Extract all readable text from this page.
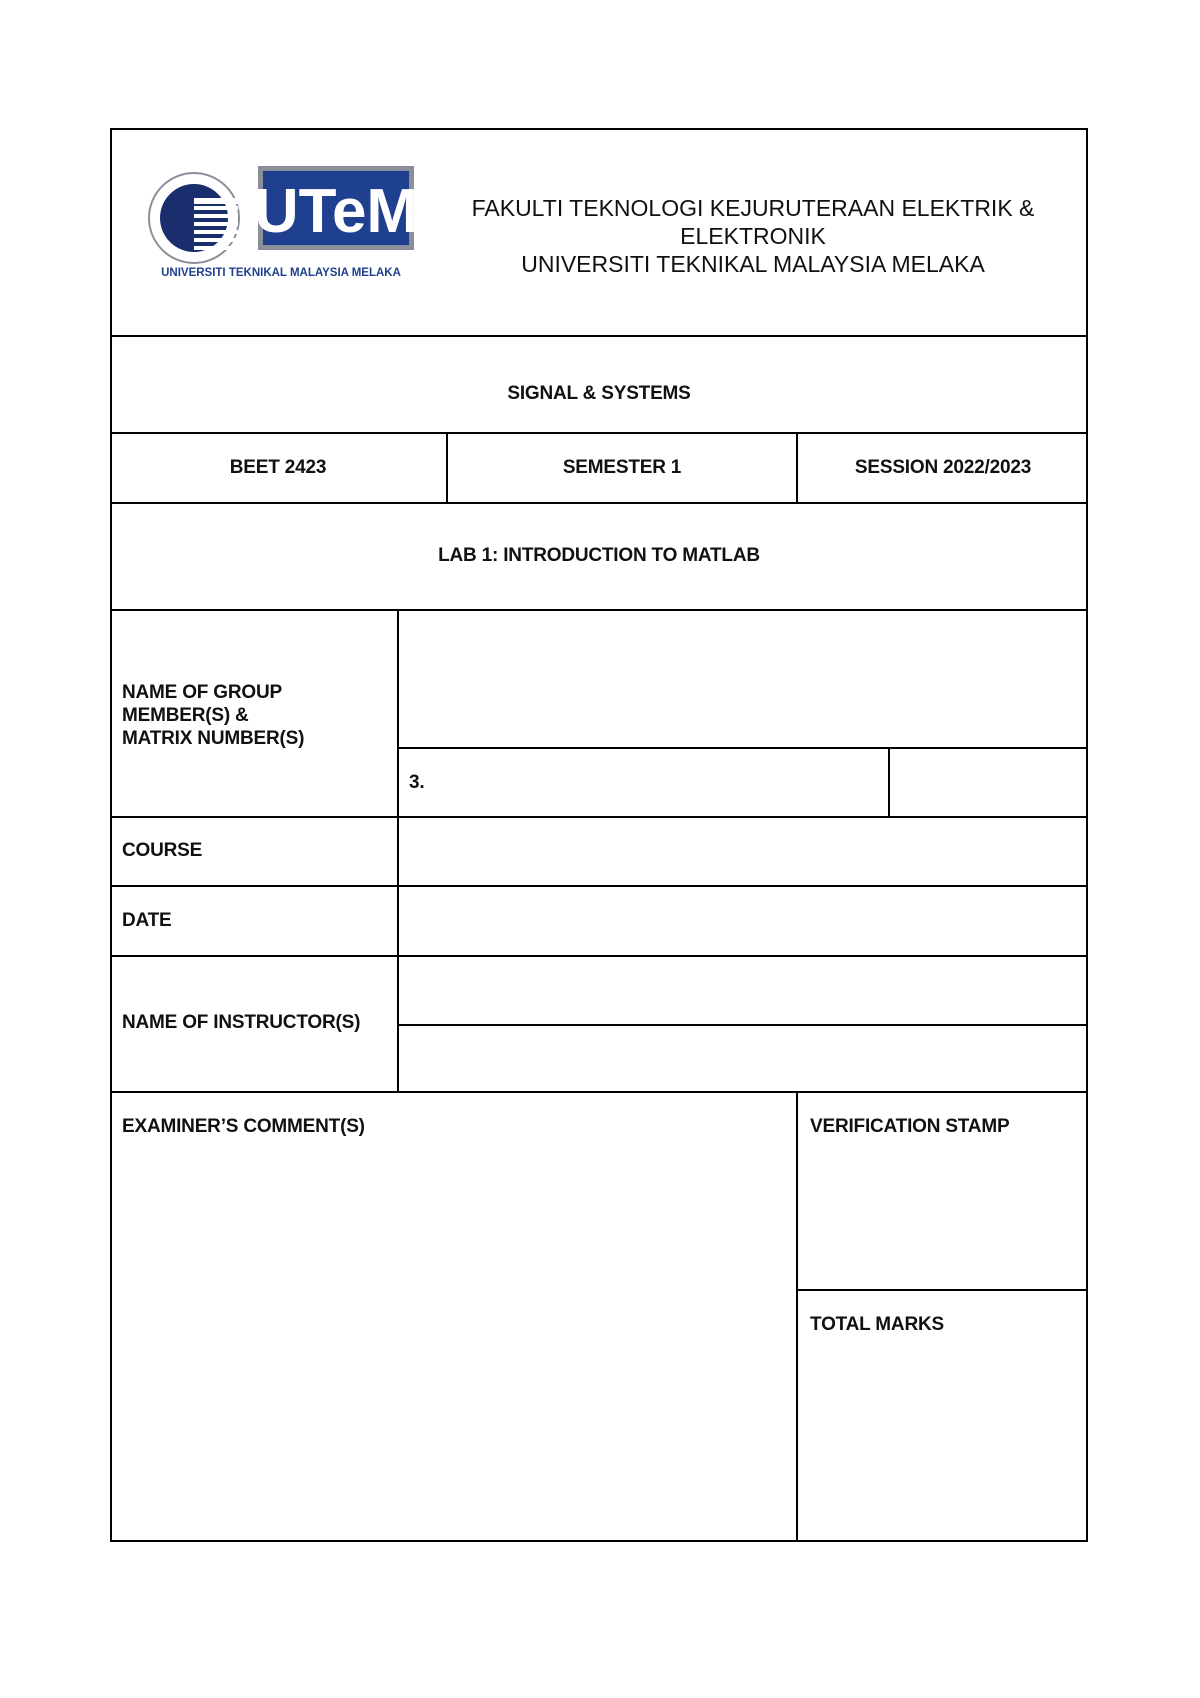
UTeM
UNIVERSITI TEKNIKAL MALAYSIA MELAKA
FAKULTI TEKNOLOGI KEJURUTERAAN ELEKTRIK &
ELEKTRONIK
UNIVERSITI TEKNIKAL MALAYSIA MELAKA
SIGNAL & SYSTEMS
BEET 2423	SEMESTER 1	SESSION 2022/2023
LAB 1: INTRODUCTION TO MATLAB
NAME OF GROUP
MEMBER(S) &
MATRIX NUMBER(S)
3.
COURSE
DATE
NAME OF INSTRUCTOR(S)
EXAMINER’S COMMENT(S)	VERIFICATION STAMP
TOTAL MARKS
